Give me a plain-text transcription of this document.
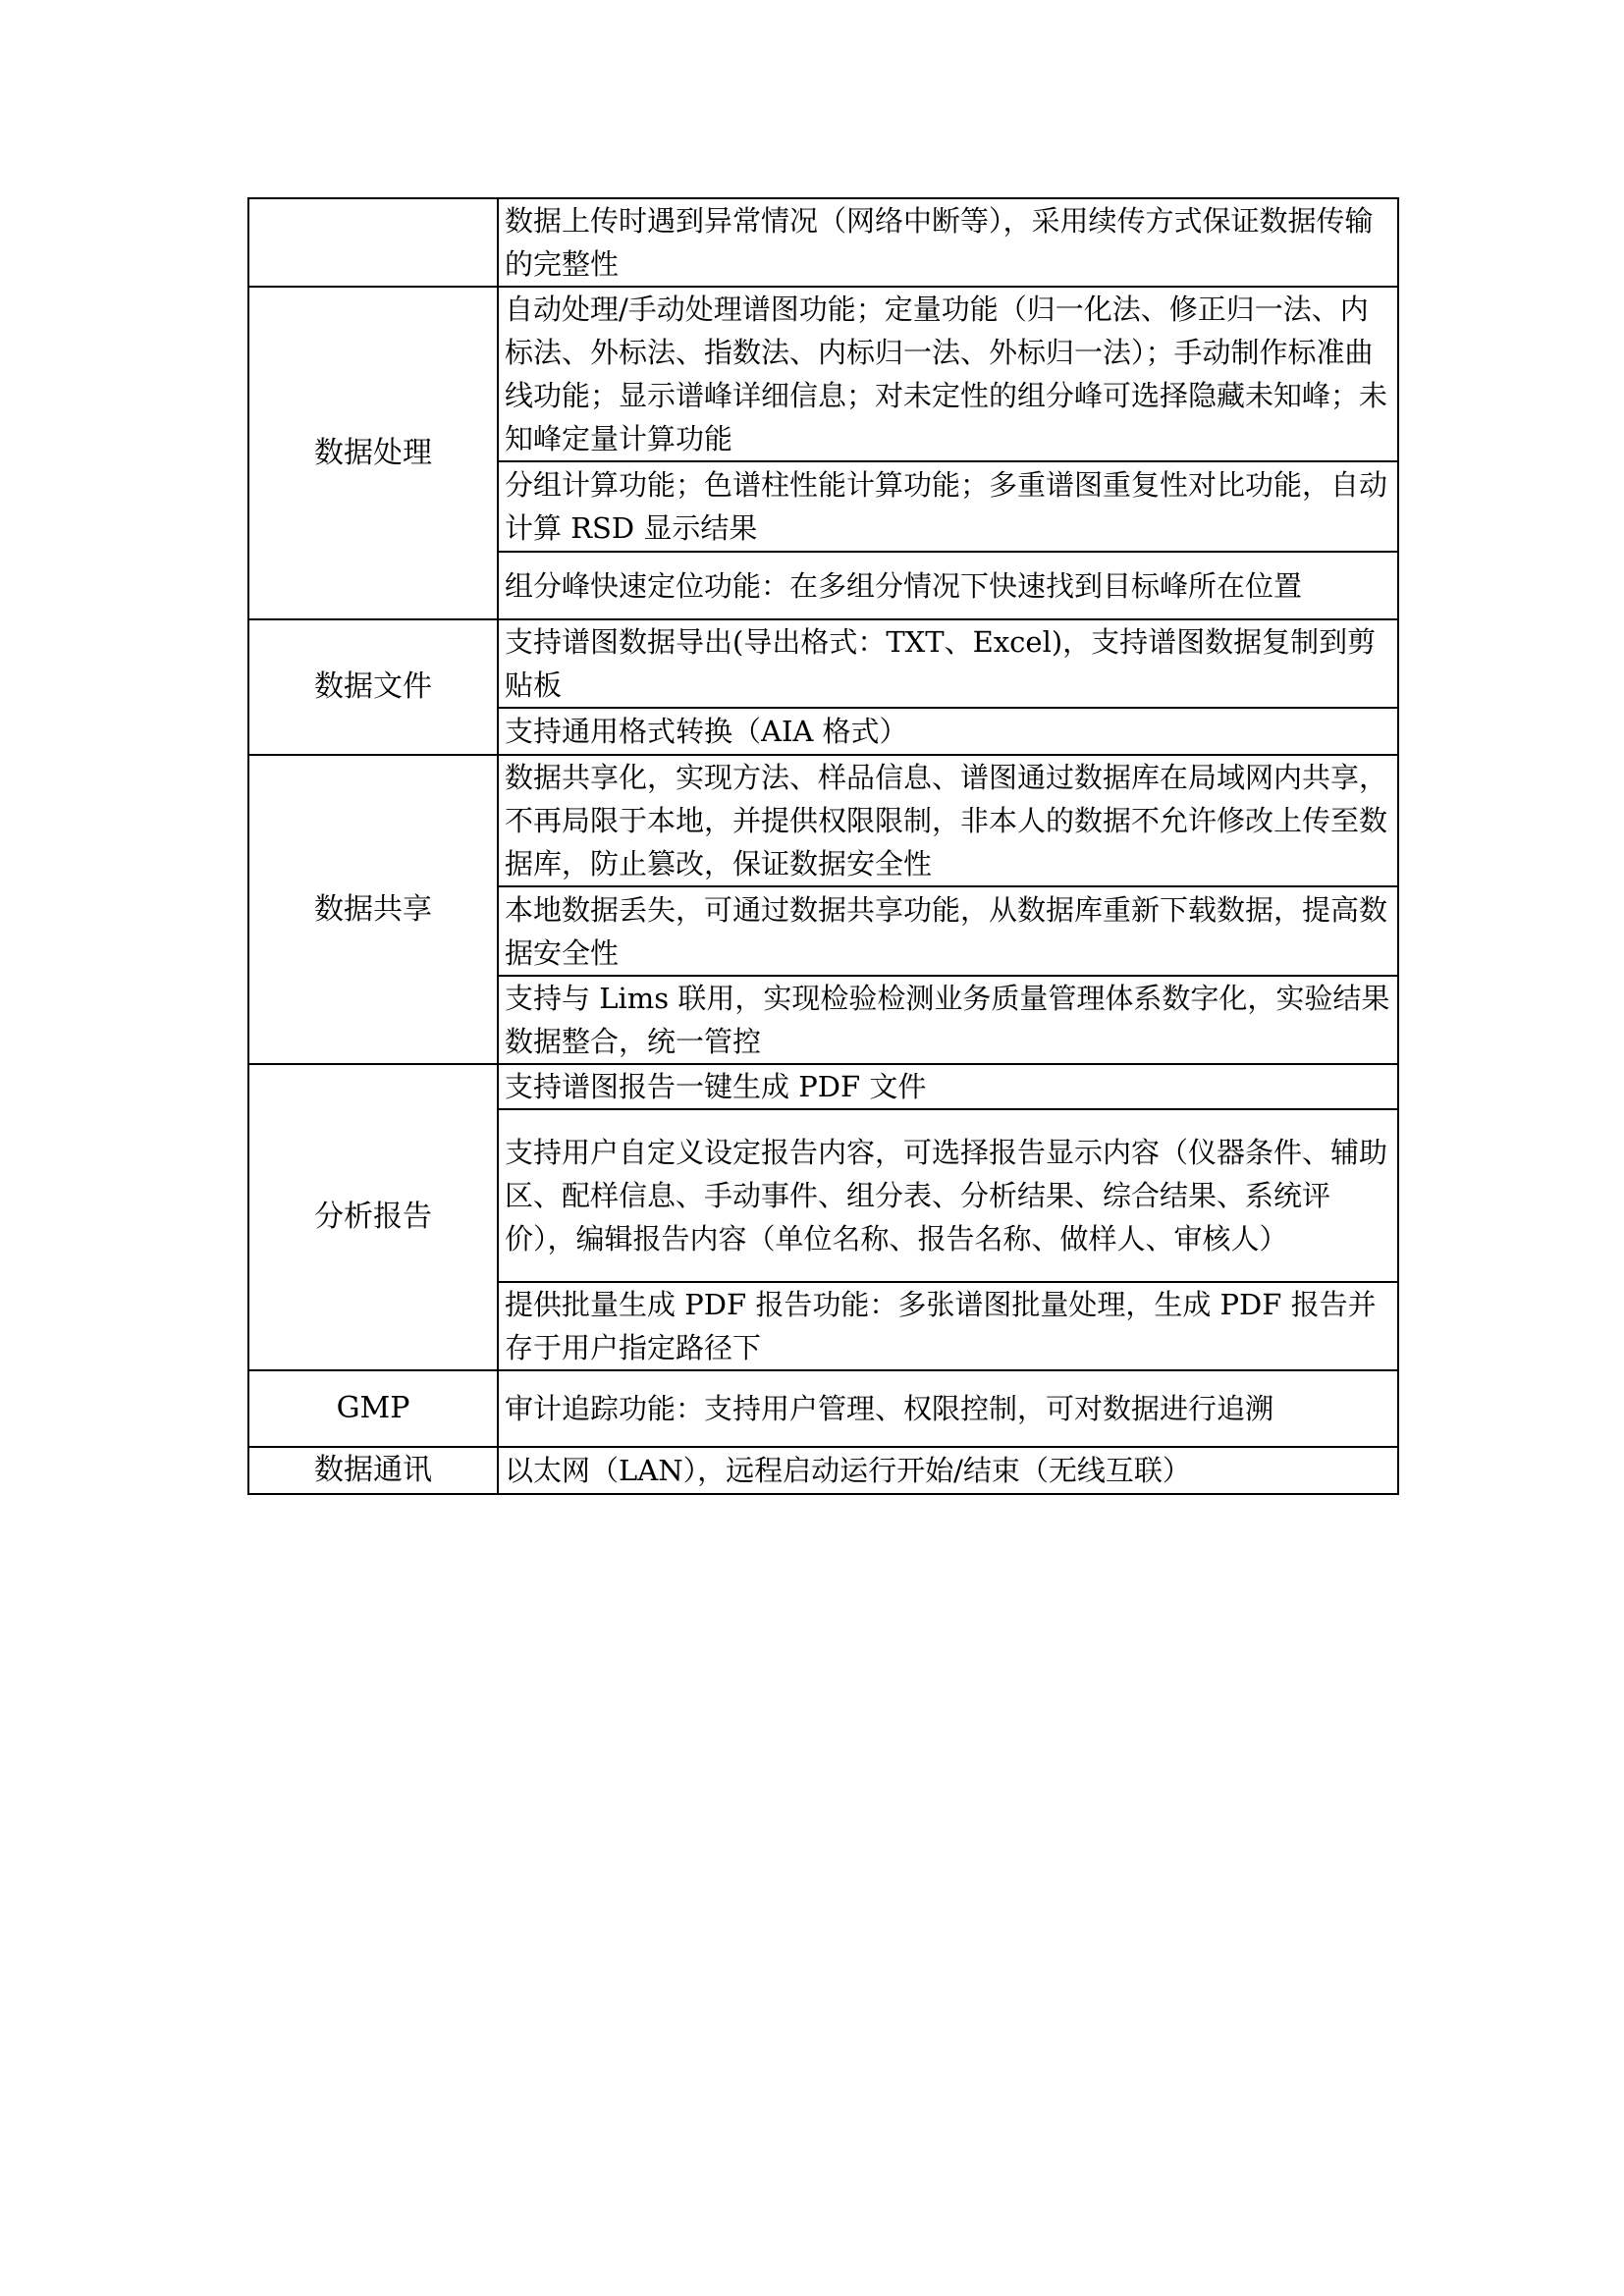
	数据上传时遇到异常情况（网络中断等），采用续传方式保证数据传输的完整性
数据处理	自动处理/手动处理谱图功能；定量功能（归一化法、修正归一法、内标法、外标法、指数法、内标归一法、外标归一法）；手动制作标准曲线功能；显示谱峰详细信息；对未定性的组分峰可选择隐藏未知峰；未知峰定量计算功能
	分组计算功能；色谱柱性能计算功能；多重谱图重复性对比功能，自动计算 RSD 显示结果
	组分峰快速定位功能：在多组分情况下快速找到目标峰所在位置
数据文件	支持谱图数据导出(导出格式：TXT、Excel)，支持谱图数据复制到剪贴板
	支持通用格式转换（AIA 格式）
数据共享	数据共享化，实现方法、样品信息、谱图通过数据库在局域网内共享，不再局限于本地，并提供权限限制，非本人的数据不允许修改上传至数据库，防止篡改，保证数据安全性
	本地数据丢失，可通过数据共享功能，从数据库重新下载数据，提高数据安全性
	支持与 Lims 联用，实现检验检测业务质量管理体系数字化，实验结果数据整合，统一管控
分析报告	支持谱图报告一键生成 PDF 文件
	支持用户自定义设定报告内容，可选择报告显示内容（仪器条件、辅助区、配样信息、手动事件、组分表、分析结果、综合结果、系统评价），编辑报告内容（单位名称、报告名称、做样人、审核人）
	提供批量生成 PDF 报告功能：多张谱图批量处理，生成 PDF 报告并存于用户指定路径下
GMP	审计追踪功能：支持用户管理、权限控制，可对数据进行追溯
数据通讯	以太网（LAN），远程启动运行开始/结束（无线互联）
